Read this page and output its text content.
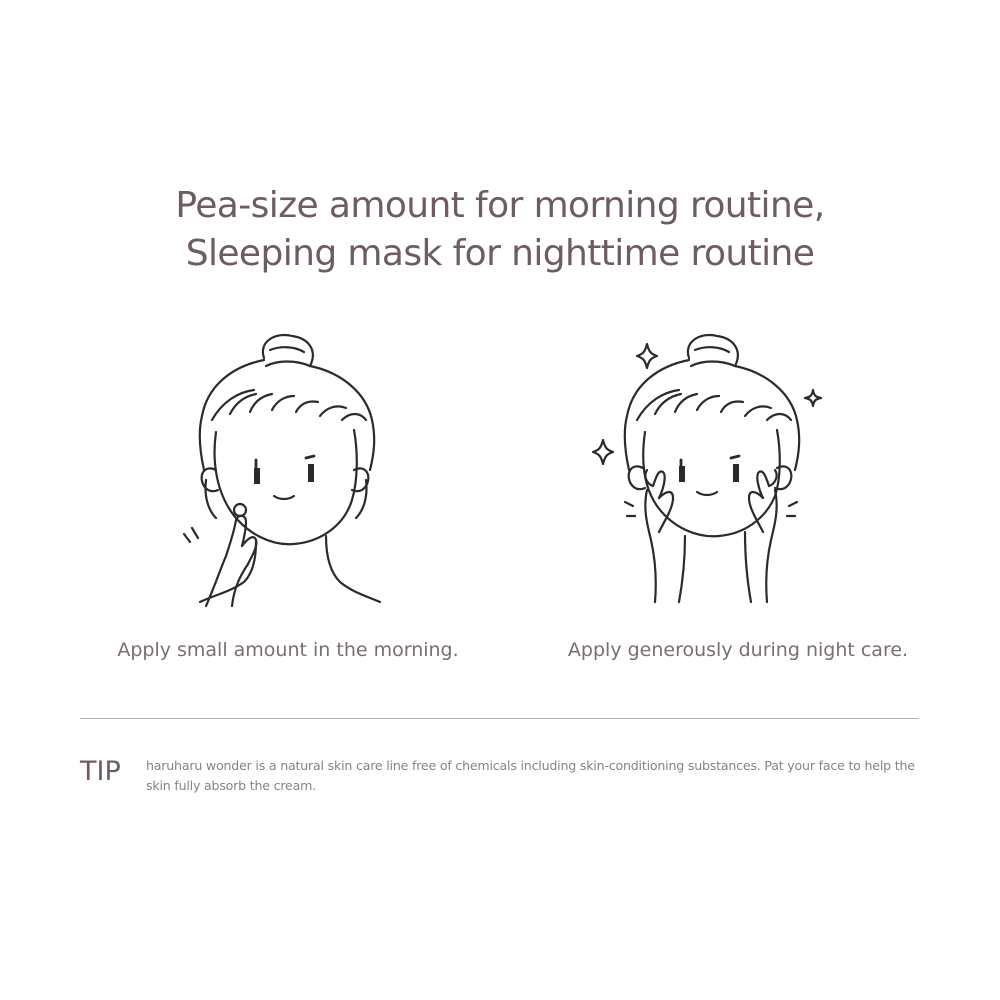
Pea-size amount for morning routine,
Sleeping mask for nighttime routine
Apply small amount in the morning.	Apply generously during night care.
TIP haruharu wonder is a natural skin care line free of chemicals including skin-conditioning substances. Pat your face to help the skin fully absorb the cream.
